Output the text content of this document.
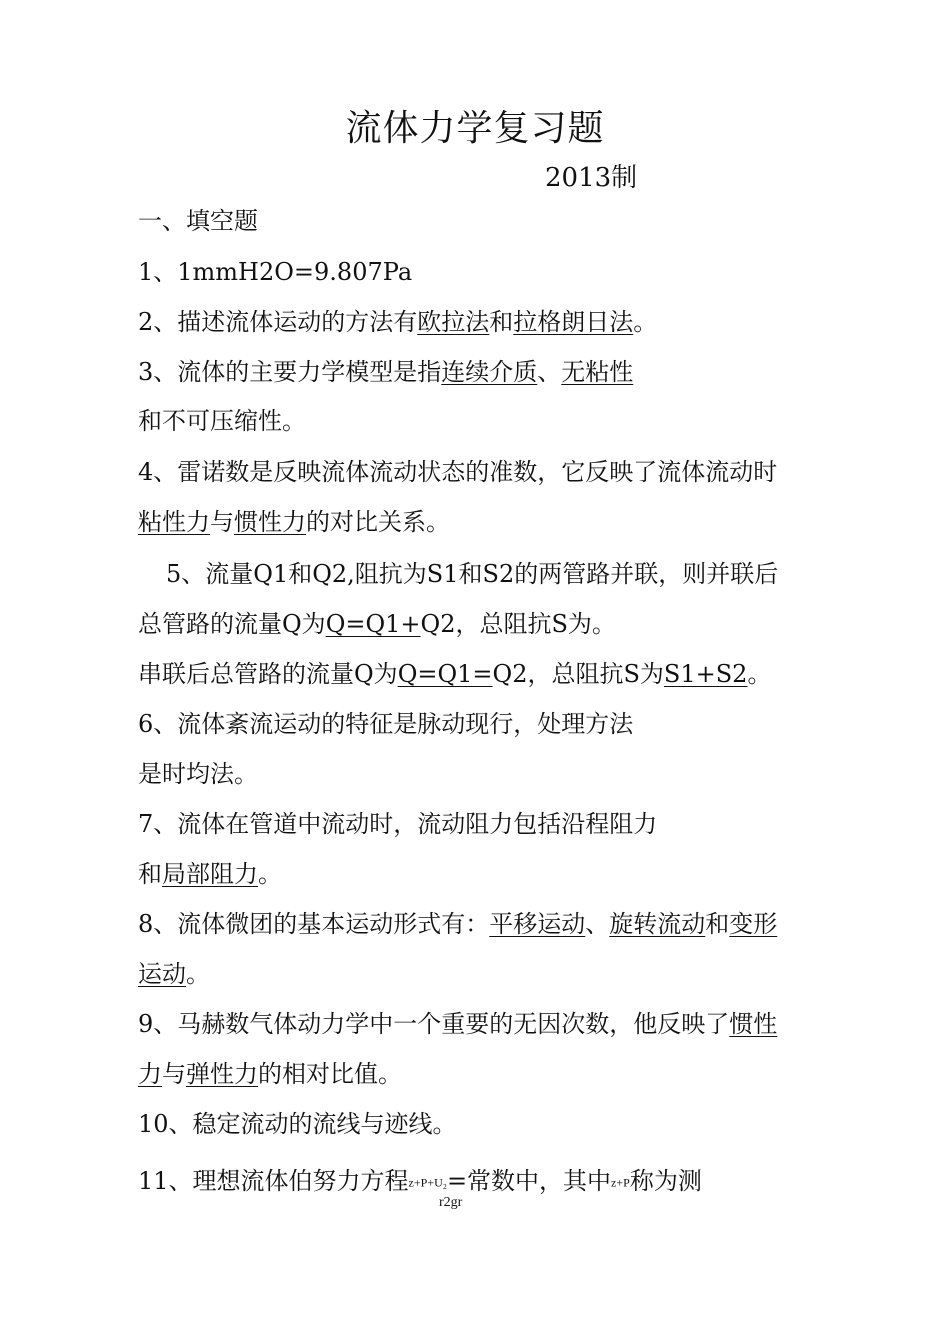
流体力学复习题
2013制
一、填空题
1、1mmH2O=9.807Pa
2、描述流体运动的方法有欧拉法和拉格朗日法。
3、流体的主要力学模型是指连续介质、无粘性
和不可压缩性。
4、雷诺数是反映流体流动状态的准数，它反映了流体流动时
粘性力与惯性力的对比关系。
5、流量Q1和Q2,阻抗为S1和S2的两管路并联，则并联后
总管路的流量Q为Q=Q1+Q2，总阻抗S为。
串联后总管路的流量Q为Q=Q1=Q2，总阻抗S为S1+S2。
6、流体紊流运动的特征是脉动现行，处理方法
是时均法。
7、流体在管道中流动时，流动阻力包括沿程阻力
和局部阻力。
8、流体微团的基本运动形式有：平移运动、旋转流动和变形
运动。
9、马赫数气体动力学中一个重要的无因次数，他反映了惯性
力与弹性力的相对比值。
10、稳定流动的流线与迹线。
11、理想流体伯努力方程z+P+U₂=常数中，其中z+P称为测
r2gr
